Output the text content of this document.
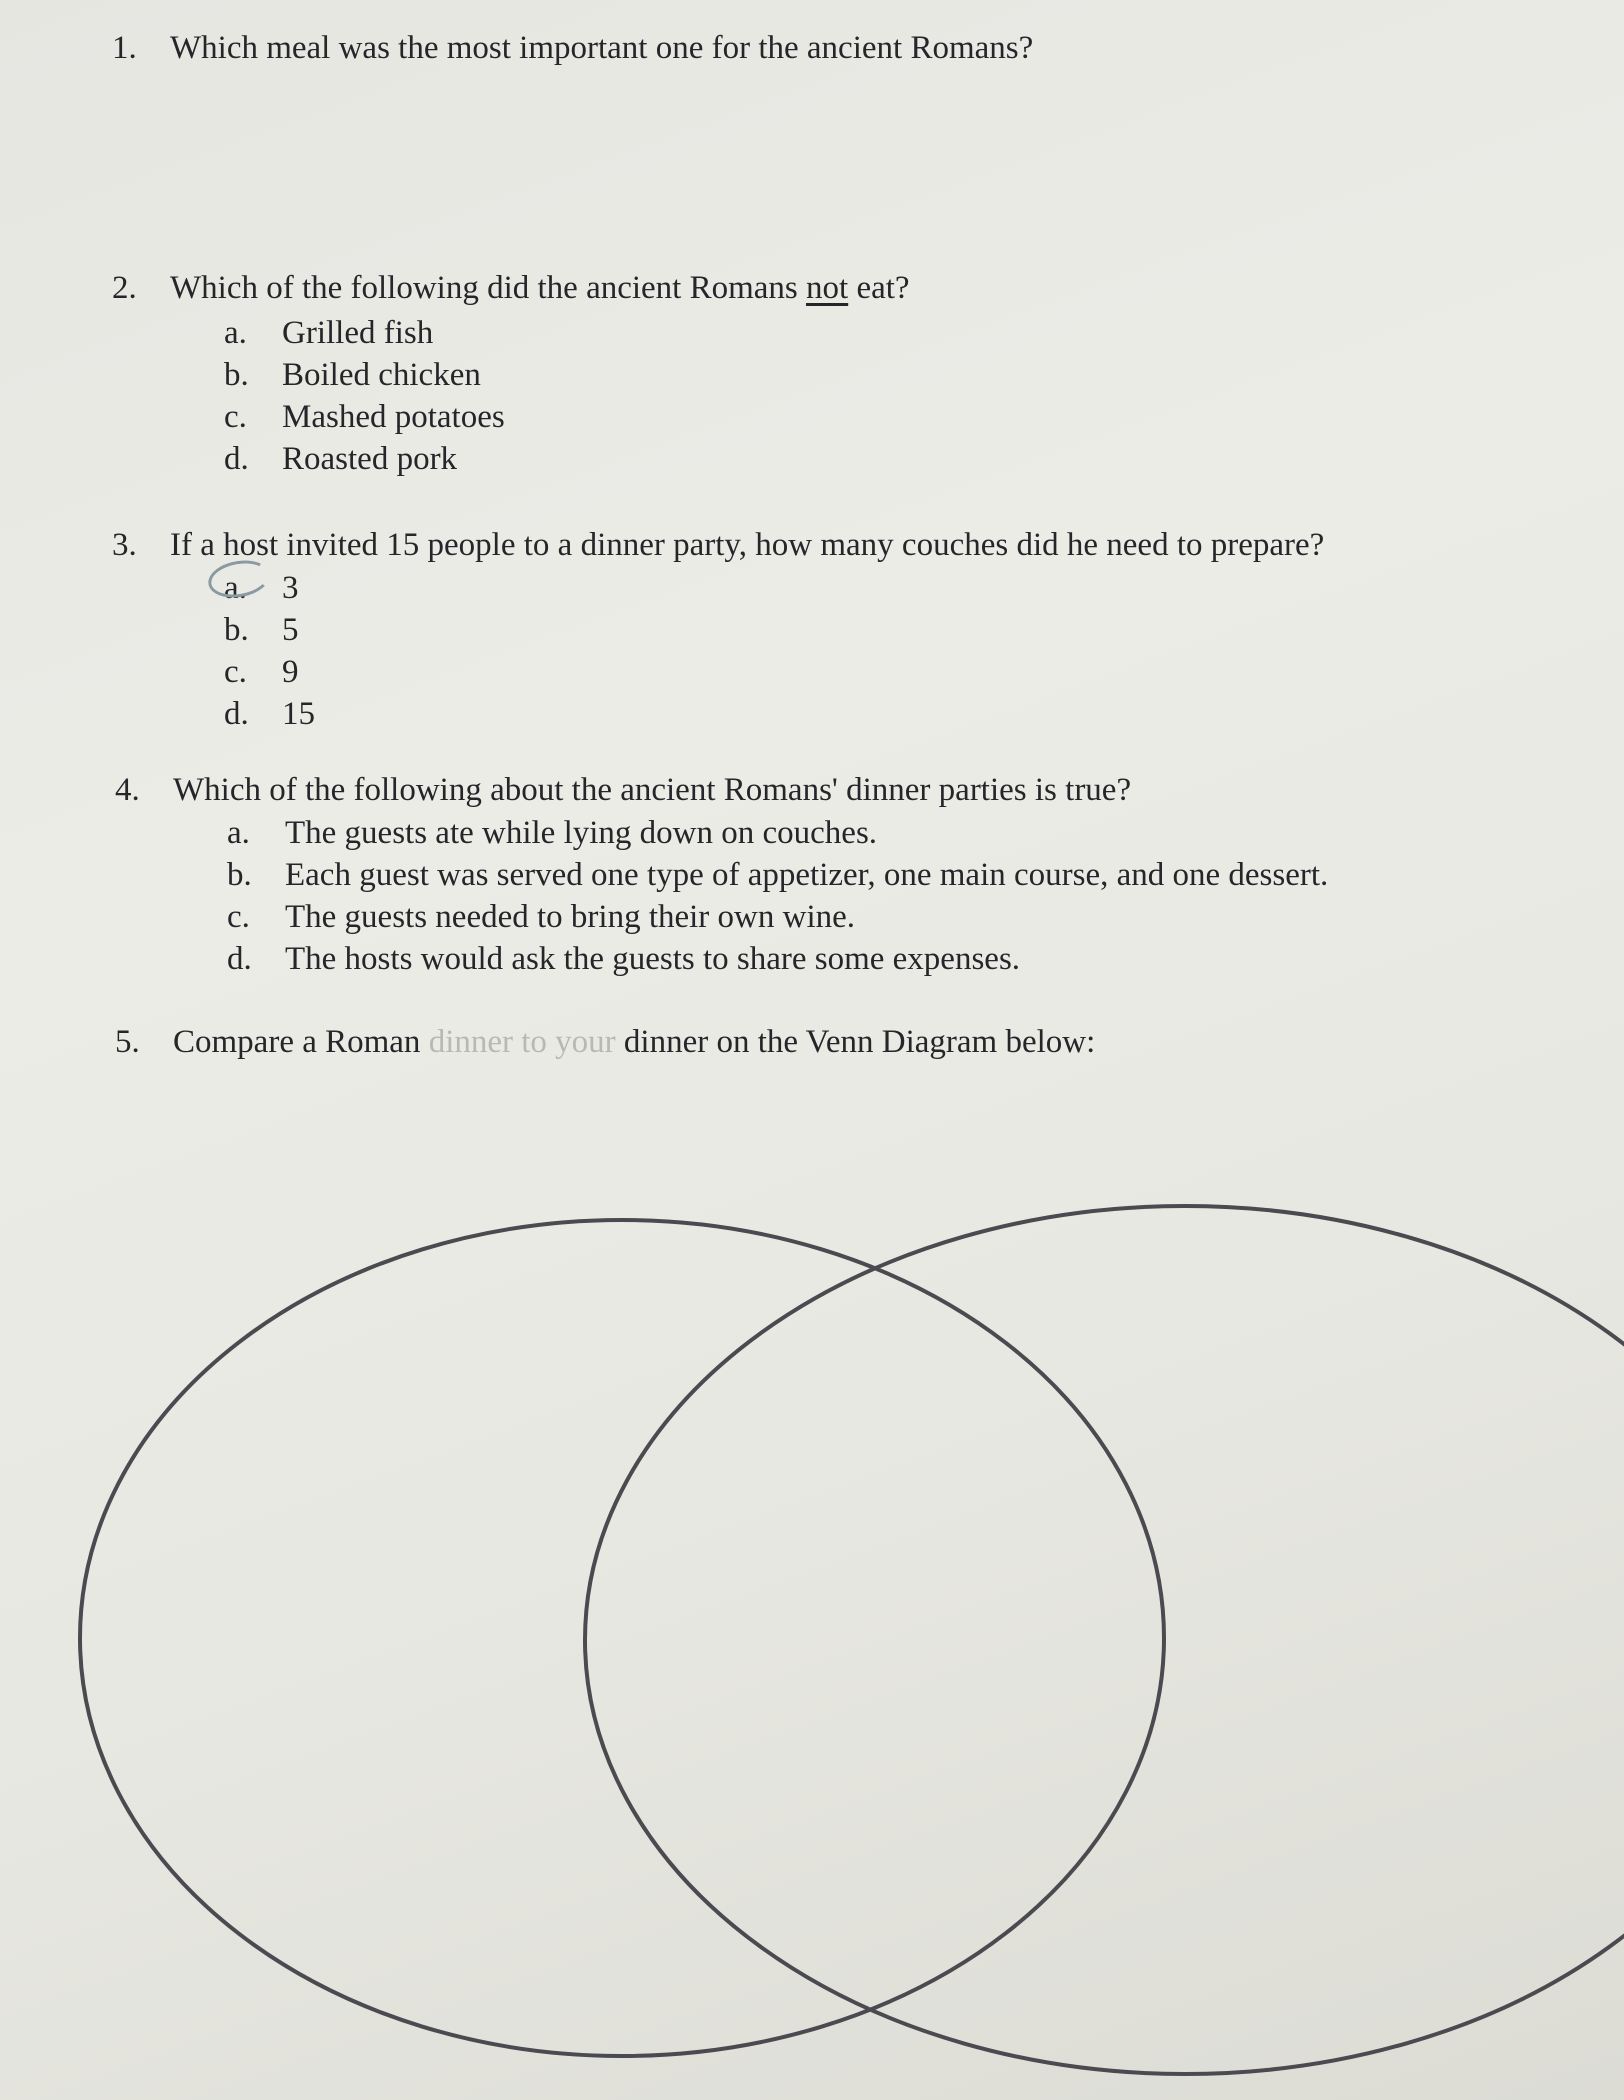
1.	Which meal was the most important one for the ancient Romans?
2.	Which of the following did the ancient Romans not eat?
a.	Grilled fish
b.	Boiled chicken
c.	Mashed potatoes
d.	Roasted pork
3.	If a host invited 15 people to a dinner party, how many couches did he need to prepare?
a.	3
b.	5
c.	9
d.	15
4.	Which of the following about the ancient Romans' dinner parties is true?
a.	The guests ate while lying down on couches.
b.	Each guest was served one type of appetizer, one main course, and one dessert.
c.	The guests needed to bring their own wine.
d.	The hosts would ask the guests to share some expenses.
5.	Compare a Roman dinner to your dinner on the Venn Diagram below:
